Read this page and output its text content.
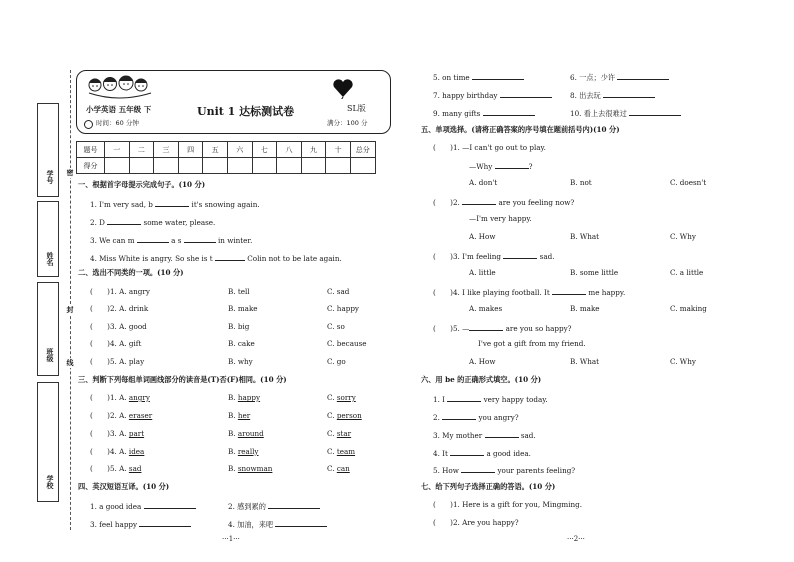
学号
姓名
班级
学校
密
封
线
小学英语 五年级 下	Unit 1 达标测试卷	SL版
时间：60 分钟	满分：100 分
题号	一	二	三	四	五	六	七	八	九	十	总分
得分											
一、根据首字母提示完成句子。(10 分)
1. I'm very sad, b	it's snowing again.
2. D	some water, please.
3. We can m	a s	in winter.
4. Miss White is angry. So she is t	Colin not to be late again.
二、选出不同类的一项。(10 分)
(　　)1. A. angry	B. tell	C. sad
(　　)2. A. drink	B. make	C. happy
(　　)3. A. good	B. big	C. so
(　　)4. A. gift	B. cake	C. because
(　　)5. A. play	B. why	C. go
三、判断下列每组单词画线部分的读音是(T)否(F)相同。(10 分)
(　　)1. A. angry	B. happy	C. sorry
(　　)2. A. eraser	B. her	C. person
(　　)3. A. part	B. around	C. star
(　　)4. A. idea	B. really	C. team
(　　)5. A. sad	B. snowman	C. can
四、英汉短语互译。(10 分)
1. a good idea	2. 感到累的
3. feel happy	4. 加油，来吧
···1···
5. on time	6. 一点；少许
7. happy birthday	8. 出去玩
9. many gifts	10. 看上去很难过
五、单项选择。(请将正确答案的序号填在题前括号内)(10 分)
(　　)1. —I can't go out to play.
—Why	?
A. don't	B. not	C. doesn't
(　　)2.	are you feeling now?
—I'm very happy.
A. How	B. What	C. Why
(　　)3. I'm feeling	sad.
A. little	B. some little	C. a little
(　　)4. I like playing football. It	me happy.
A. makes	B. make	C. making
(　　)5. —	are you so happy?
I've got a gift from my friend.
A. How	B. What	C. Why
六、用 be 的正确形式填空。(10 分)
1. I	very happy today.
2.	you angry?
3. My mother	sad.
4. It	a good idea.
5. How	your parents feeling?
七、给下列句子选择正确的答语。(10 分)
(　　)1. Here is a gift for you, Mingming.
(　　)2. Are you happy?
···2···
